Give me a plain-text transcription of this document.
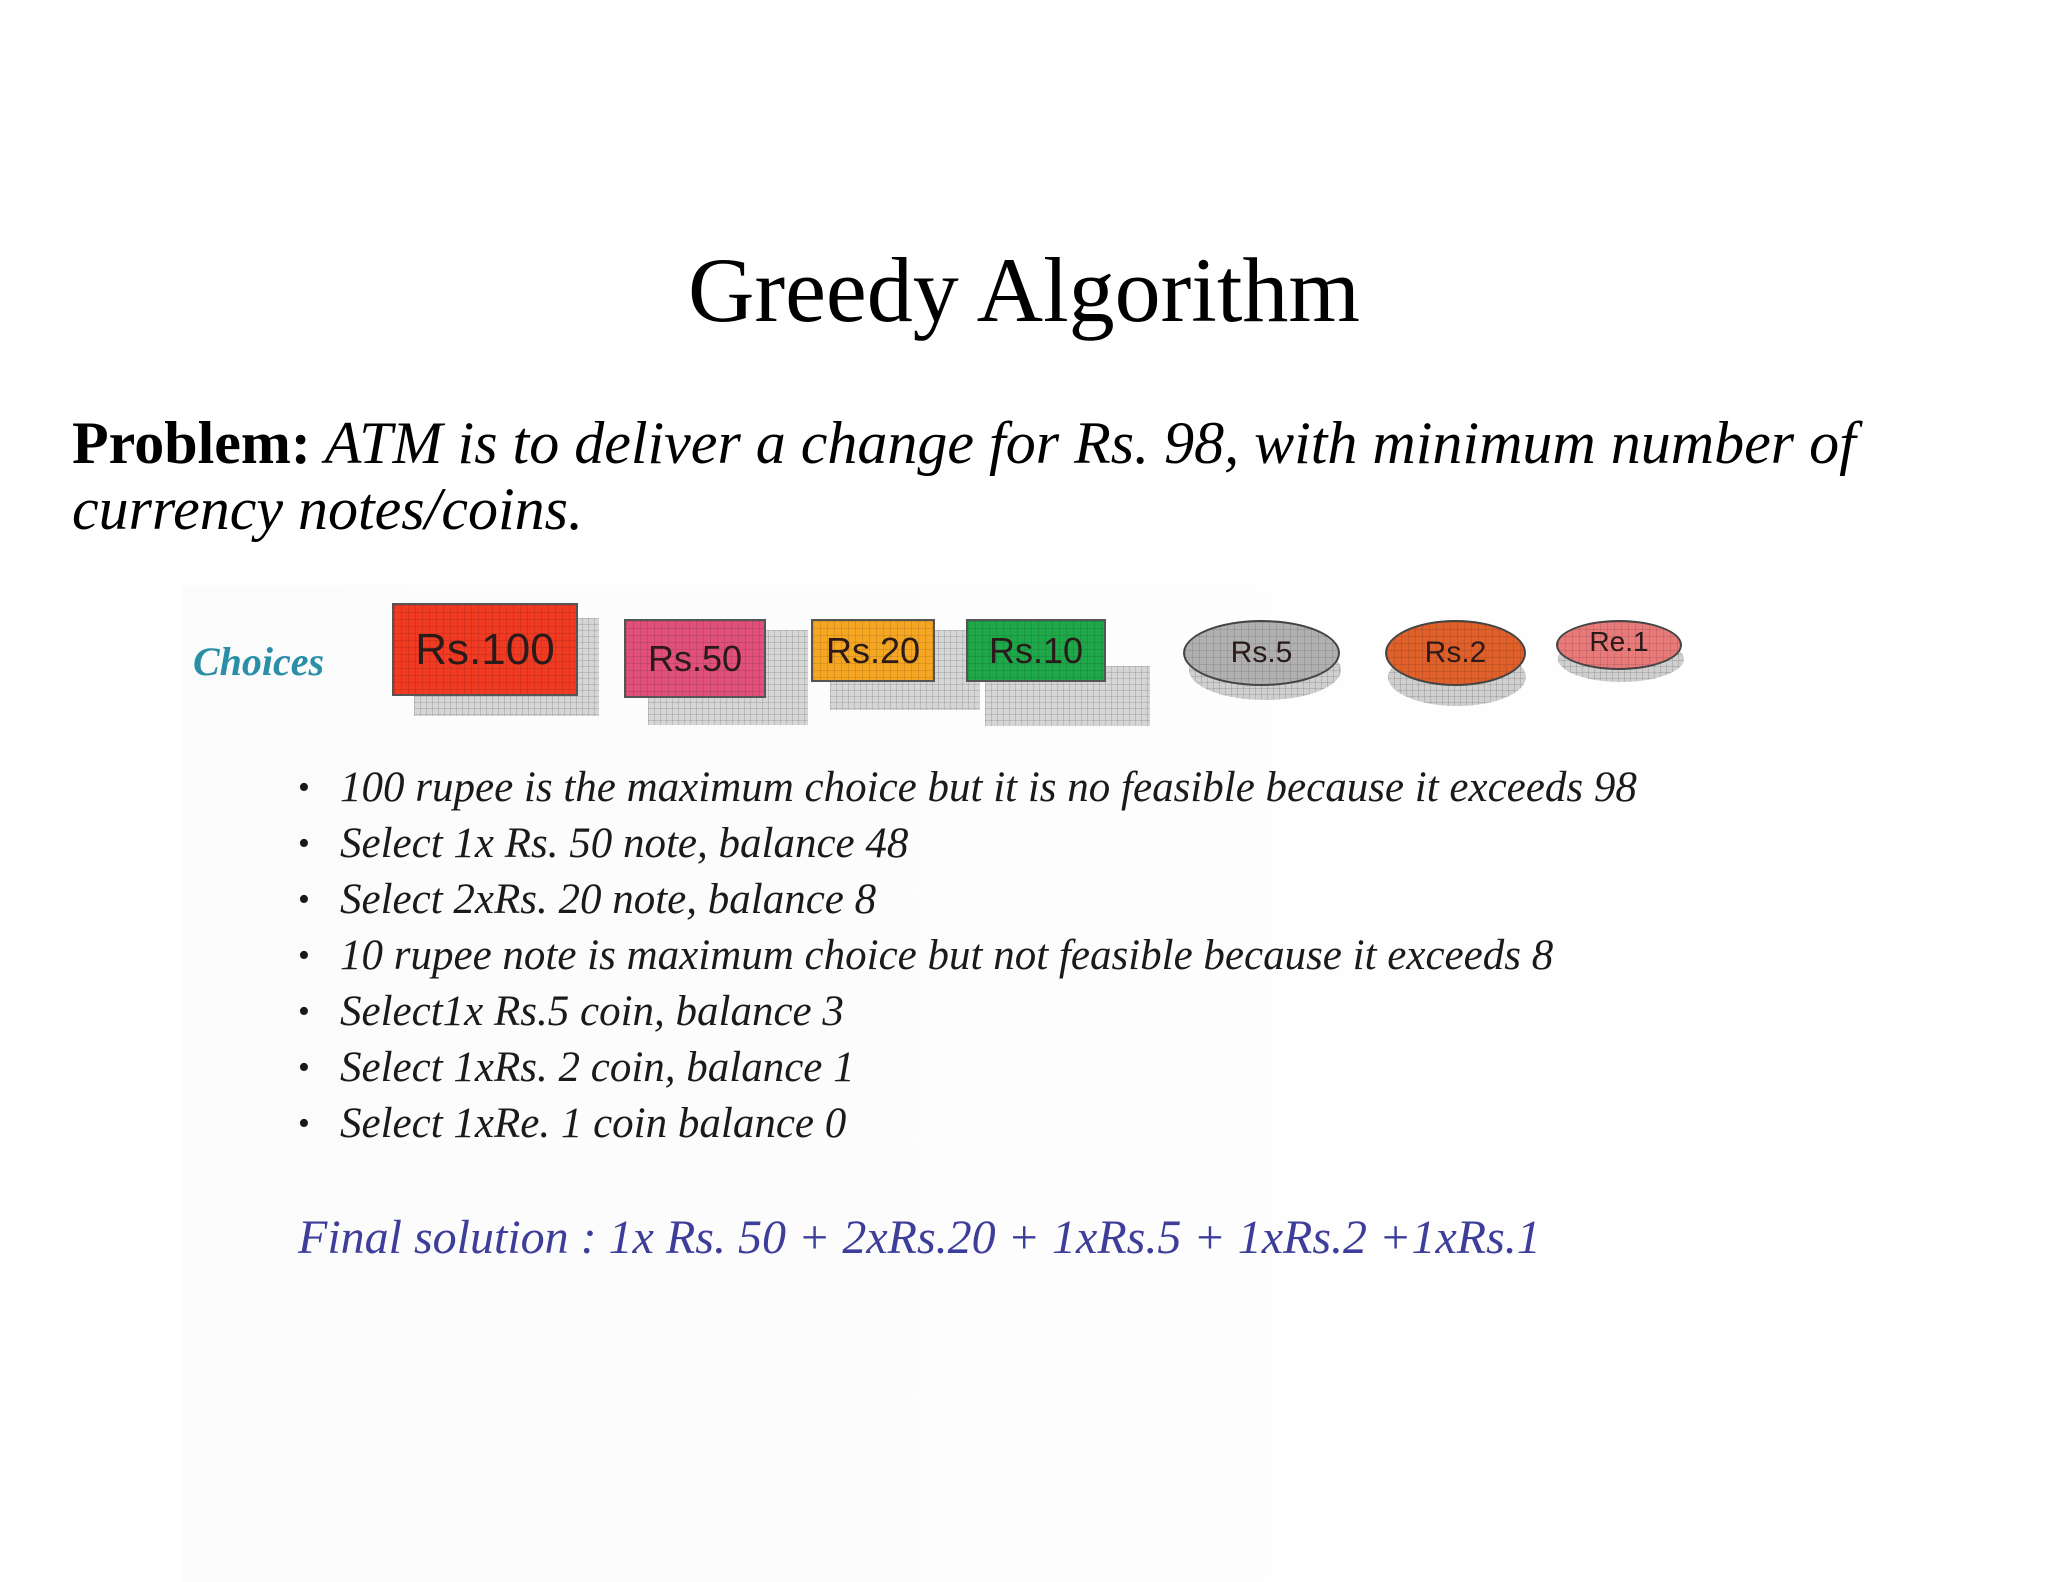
Greedy Algorithm
Problem: ATM is to deliver a change for Rs. 98, with minimum number of currency notes/coins.
Choices	Rs.100	Rs.50	Rs.20	Rs.10	Rs.5	Rs.2	Re.1
• 100 rupee is the maximum choice but it is no feasible because it exceeds 98
• Select 1x Rs. 50 note, balance 48
• Select 2xRs. 20 note, balance 8
• 10 rupee note is maximum choice but not feasible because it exceeds 8
• Select1x Rs.5 coin, balance 3
• Select 1xRs. 2 coin, balance 1
• Select 1xRe. 1 coin balance 0
Final solution : 1x Rs. 50 + 2xRs.20 + 1xRs.5 + 1xRs.2 +1xRs.1
